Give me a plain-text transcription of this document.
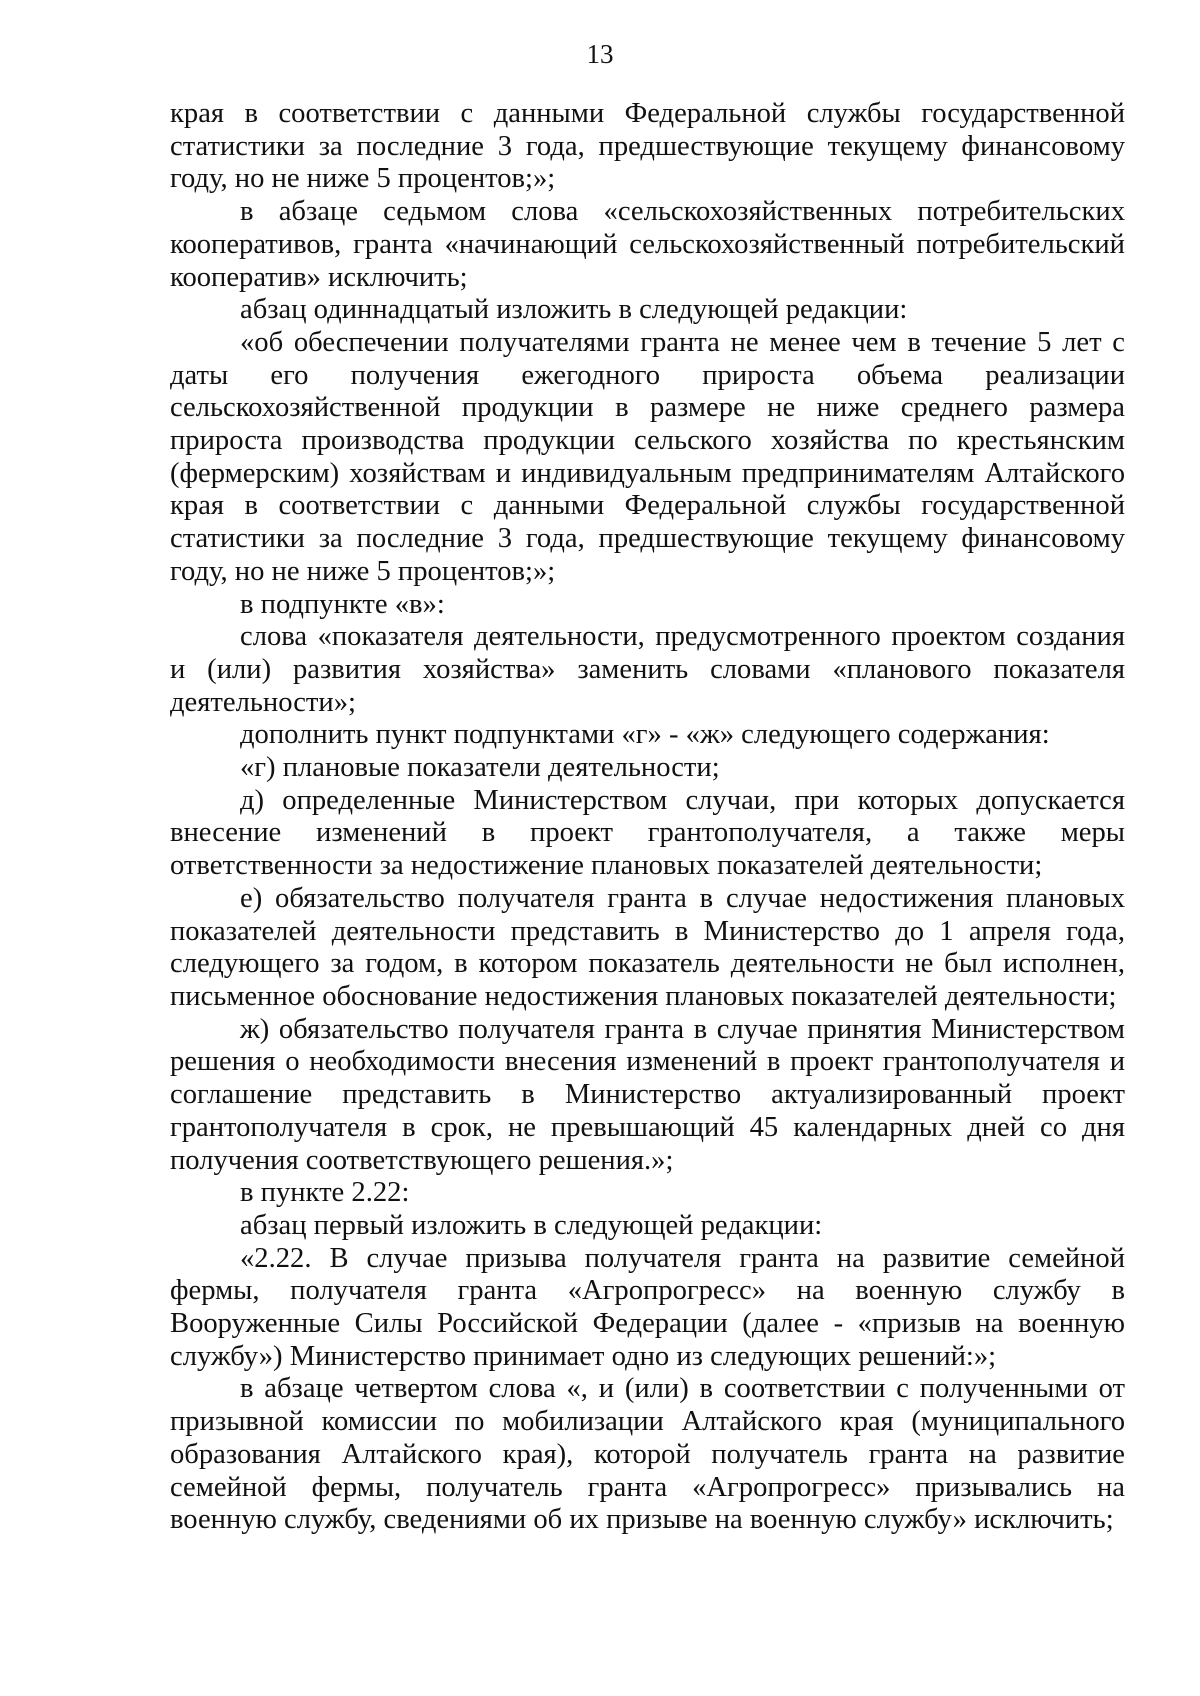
13

края в соответствии с данными Федеральной службы государственной статистики за последние 3 года, предшествующие текущему финансовому году, но не ниже 5 процентов;»;

в абзаце седьмом слова «сельскохозяйственных потребительских кооперативов, гранта «начинающий сельскохозяйственный потребительский кооператив» исключить;

абзац одиннадцатый изложить в следующей редакции:

«об обеспечении получателями гранта не менее чем в течение 5 лет с даты его получения ежегодного прироста объема реализации сельскохозяйственной продукции в размере не ниже среднего размера прироста производства продукции сельского хозяйства по крестьянским (фермерским) хозяйствам и индивидуальным предпринимателям Алтайского края в соответствии с данными Федеральной службы государственной статистики за последние 3 года, предшествующие текущему финансовому году, но не ниже 5 процентов;»;

в подпункте «в»:

слова «показателя деятельности, предусмотренного проектом создания и (или) развития хозяйства» заменить словами «планового показателя деятельности»;

дополнить пункт подпунктами «г» - «ж» следующего содержания:

«г) плановые показатели деятельности;

д) определенные Министерством случаи, при которых допускается внесение изменений в проект грантополучателя, а также меры ответственности за недостижение плановых показателей деятельности;

е) обязательство получателя гранта в случае недостижения плановых показателей деятельности представить в Министерство до 1 апреля года, следующего за годом, в котором показатель деятельности не был исполнен, письменное обоснование недостижения плановых показателей деятельности;

ж) обязательство получателя гранта в случае принятия Министерством решения о необходимости внесения изменений в проект грантополучателя и соглашение представить в Министерство актуализированный проект грантополучателя в срок, не превышающий 45 календарных дней со дня получения соответствующего решения.»;

в пункте 2.22:

абзац первый изложить в следующей редакции:

«2.22. В случае призыва получателя гранта на развитие семейной фермы, получателя гранта «Агропрогресс» на военную службу в Вооруженные Силы Российской Федерации (далее - «призыв на военную службу») Министерство принимает одно из следующих решений:»;

в абзаце четвертом слова «, и (или) в соответствии с полученными от призывной комиссии по мобилизации Алтайского края (муниципального образования Алтайского края), которой получатель гранта на развитие семейной фермы, получатель гранта «Агропрогресс» призывались на военную службу, сведениями об их призыве на военную службу» исключить;
